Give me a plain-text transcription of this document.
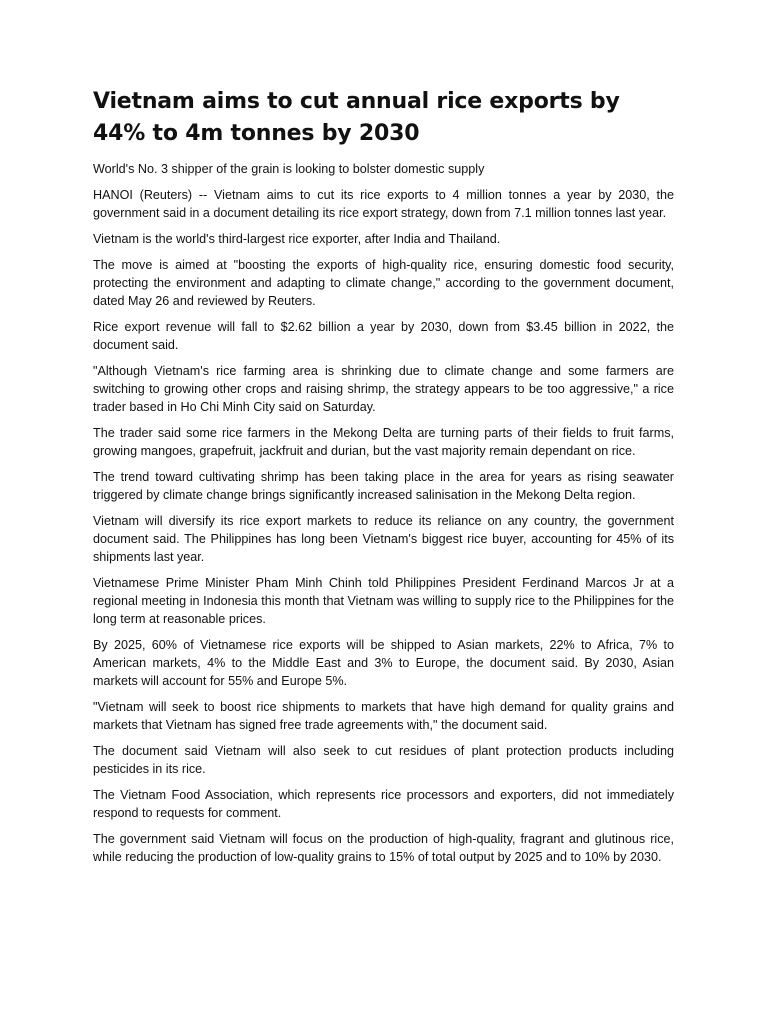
Vietnam aims to cut annual rice exports by 44% to 4m tonnes by 2030

World's No. 3 shipper of the grain is looking to bolster domestic supply

HANOI (Reuters) -- Vietnam aims to cut its rice exports to 4 million tonnes a year by 2030, the government said in a document detailing its rice export strategy, down from 7.1 million tonnes last year.

Vietnam is the world's third-largest rice exporter, after India and Thailand.

The move is aimed at "boosting the exports of high-quality rice, ensuring domestic food security, protecting the environment and adapting to climate change," according to the government document, dated May 26 and reviewed by Reuters.

Rice export revenue will fall to $2.62 billion a year by 2030, down from $3.45 billion in 2022, the document said.

"Although Vietnam's rice farming area is shrinking due to climate change and some farmers are switching to growing other crops and raising shrimp, the strategy appears to be too aggressive," a rice trader based in Ho Chi Minh City said on Saturday.

The trader said some rice farmers in the Mekong Delta are turning parts of their fields to fruit farms, growing mangoes, grapefruit, jackfruit and durian, but the vast majority remain dependant on rice.

The trend toward cultivating shrimp has been taking place in the area for years as rising seawater triggered by climate change brings significantly increased salinisation in the Mekong Delta region.

Vietnam will diversify its rice export markets to reduce its reliance on any country, the government document said. The Philippines has long been Vietnam's biggest rice buyer, accounting for 45% of its shipments last year.

Vietnamese Prime Minister Pham Minh Chinh told Philippines President Ferdinand Marcos Jr at a regional meeting in Indonesia this month that Vietnam was willing to supply rice to the Philippines for the long term at reasonable prices.

By 2025, 60% of Vietnamese rice exports will be shipped to Asian markets, 22% to Africa, 7% to American markets, 4% to the Middle East and 3% to Europe, the document said. By 2030, Asian markets will account for 55% and Europe 5%.

"Vietnam will seek to boost rice shipments to markets that have high demand for quality grains and markets that Vietnam has signed free trade agreements with," the document said.

The document said Vietnam will also seek to cut residues of plant protection products including pesticides in its rice.

The Vietnam Food Association, which represents rice processors and exporters, did not immediately respond to requests for comment.

The government said Vietnam will focus on the production of high-quality, fragrant and glutinous rice, while reducing the production of low-quality grains to 15% of total output by 2025 and to 10% by 2030.
